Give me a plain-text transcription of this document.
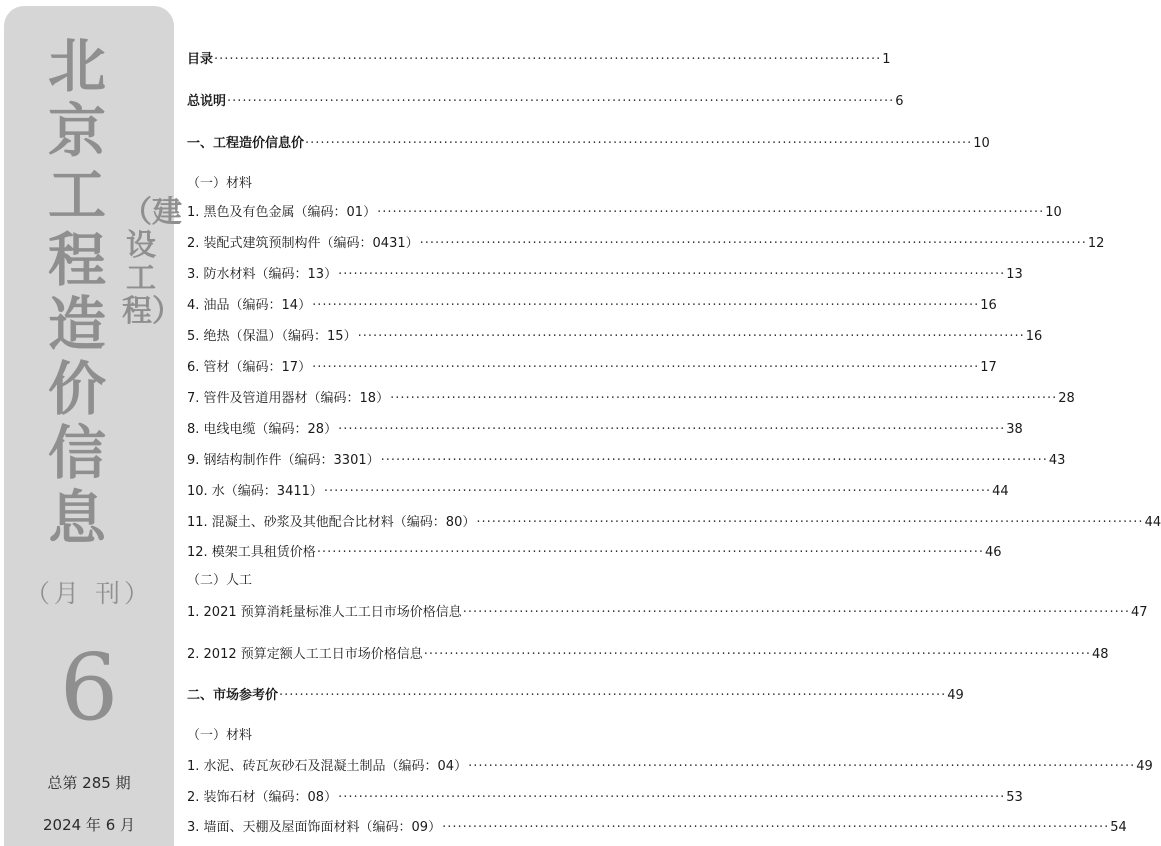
北京工程造价信息
（建设工程）
（月 刊）
6
总第 285 期
2024 年 6 月
目录 ·····	1
总说明 ·····	6
一、工程造价信息价 ·····	10
（一）材料
1. 黑色及有色金属（编码：01） ·····	10
2. 装配式建筑预制构件（编码：0431） ·····	12
3. 防水材料（编码：13） ·····	13
4. 油品（编码：14） ·····	16
5. 绝热（保温）（编码：15） ·····	16
6. 管材（编码：17） ·····	17
7. 管件及管道用器材（编码：18） ·····	28
8. 电线电缆（编码：28） ·····	38
9. 钢结构制作件（编码：3301） ·····	43
10. 水（编码：3411） ·····	44
11. 混凝土、砂浆及其他配合比材料（编码：80） ·····	44
12. 模架工具租赁价格 ·····	46
（二）人工
1. 2021 预算消耗量标准人工工日市场价格信息 ·····	47
2. 2012 预算定额人工工日市场价格信息 ·····	48
二、市场参考价 ·····	49
（一）材料
1. 水泥、砖瓦灰砂石及混凝土制品（编码：04） ·····	49
2. 装饰石材（编码：08） ·····	53
3. 墙面、天棚及屋面饰面材料（编码：09） ·····	54
